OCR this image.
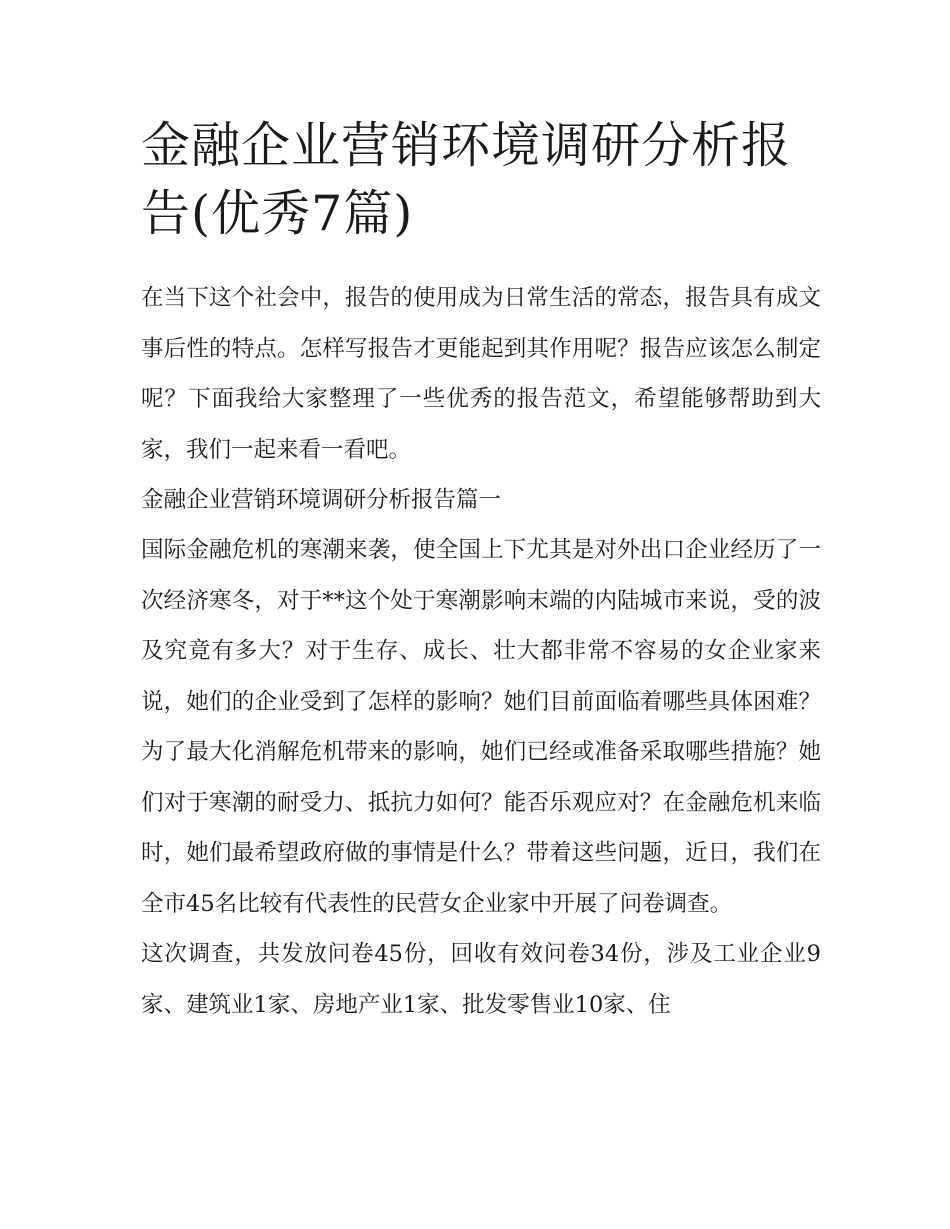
金融企业营销环境调研分析报告(优秀7篇)

在当下这个社会中，报告的使用成为日常生活的常态，报告具有成文事后性的特点。怎样写报告才更能起到其作用呢？报告应该怎么制定呢？下面我给大家整理了一些优秀的报告范文，希望能够帮助到大家，我们一起来看一看吧。

金融企业营销环境调研分析报告篇一

国际金融危机的寒潮来袭，使全国上下尤其是对外出口企业经历了一次经济寒冬，对于**这个处于寒潮影响末端的内陆城市来说，受的波及究竟有多大？对于生存、成长、壮大都非常不容易的女企业家来说，她们的企业受到了怎样的影响？她们目前面临着哪些具体困难？为了最大化消解危机带来的影响，她们已经或准备采取哪些措施？她们对于寒潮的耐受力、抵抗力如何？能否乐观应对？在金融危机来临时，她们最希望政府做的事情是什么？带着这些问题，近日，我们在全市45名比较有代表性的民营女企业家中开展了问卷调查。

这次调查，共发放问卷45份，回收有效问卷34份，涉及工业企业9家、建筑业1家、房地产业1家、批发零售业10家、住
